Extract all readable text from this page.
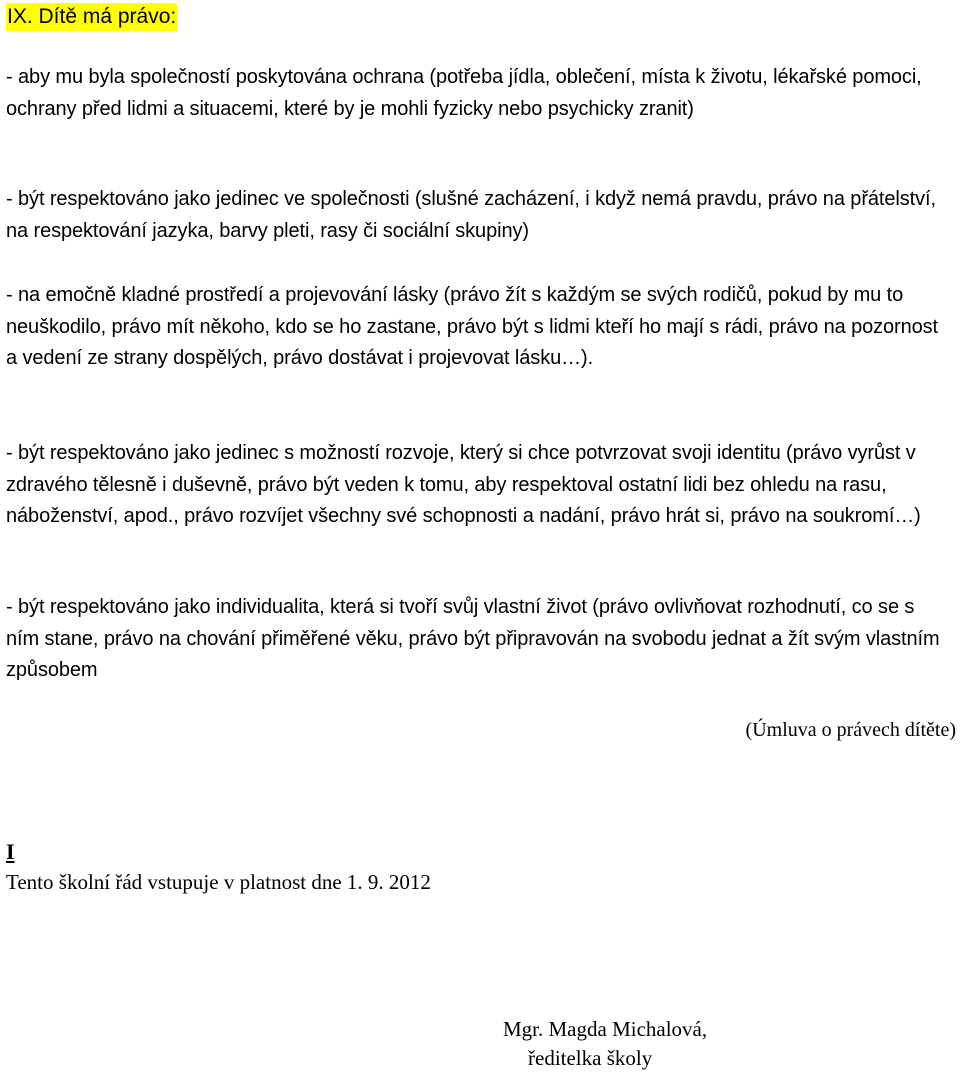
IX. Dítě má právo:

- aby mu byla společností poskytována ochrana (potřeba jídla, oblečení, místa k životu, lékařské pomoci, ochrany před lidmi a situacemi, které by je mohli fyzicky nebo psychicky zranit)

- být respektováno jako jedinec ve společnosti (slušné zacházení, i když nemá pravdu, právo na přátelství, na respektování jazyka, barvy pleti, rasy či sociální skupiny)

- na emočně kladné prostředí a projevování lásky (právo žít s každým se svých rodičů, pokud by mu to neuškodilo, právo mít někoho, kdo se ho zastane, právo být s lidmi kteří ho mají s rádi, právo na pozornost a vedení ze strany dospělých, právo dostávat i projevovat lásku…).

- být respektováno jako jedinec s možností rozvoje, který si chce potvrzovat svoji identitu (právo vyrůst v zdravého tělesně i duševně, právo být veden k tomu, aby respektoval ostatní lidi bez ohledu na rasu, náboženství, apod., právo rozvíjet všechny své schopnosti a nadání, právo hrát si, právo na soukromí…)

- být respektováno jako individualita, která si tvoří svůj vlastní život (právo ovlivňovat rozhodnutí, co se s ním stane, právo na chování přiměřené věku, právo být připravován na svobodu jednat a žít svým vlastním způsobem

(Úmluva o právech dítěte)
I
Tento školní řád vstupuje v platnost dne 1. 9. 2012
Mgr. Magda Michalová,
ředitelka školy
